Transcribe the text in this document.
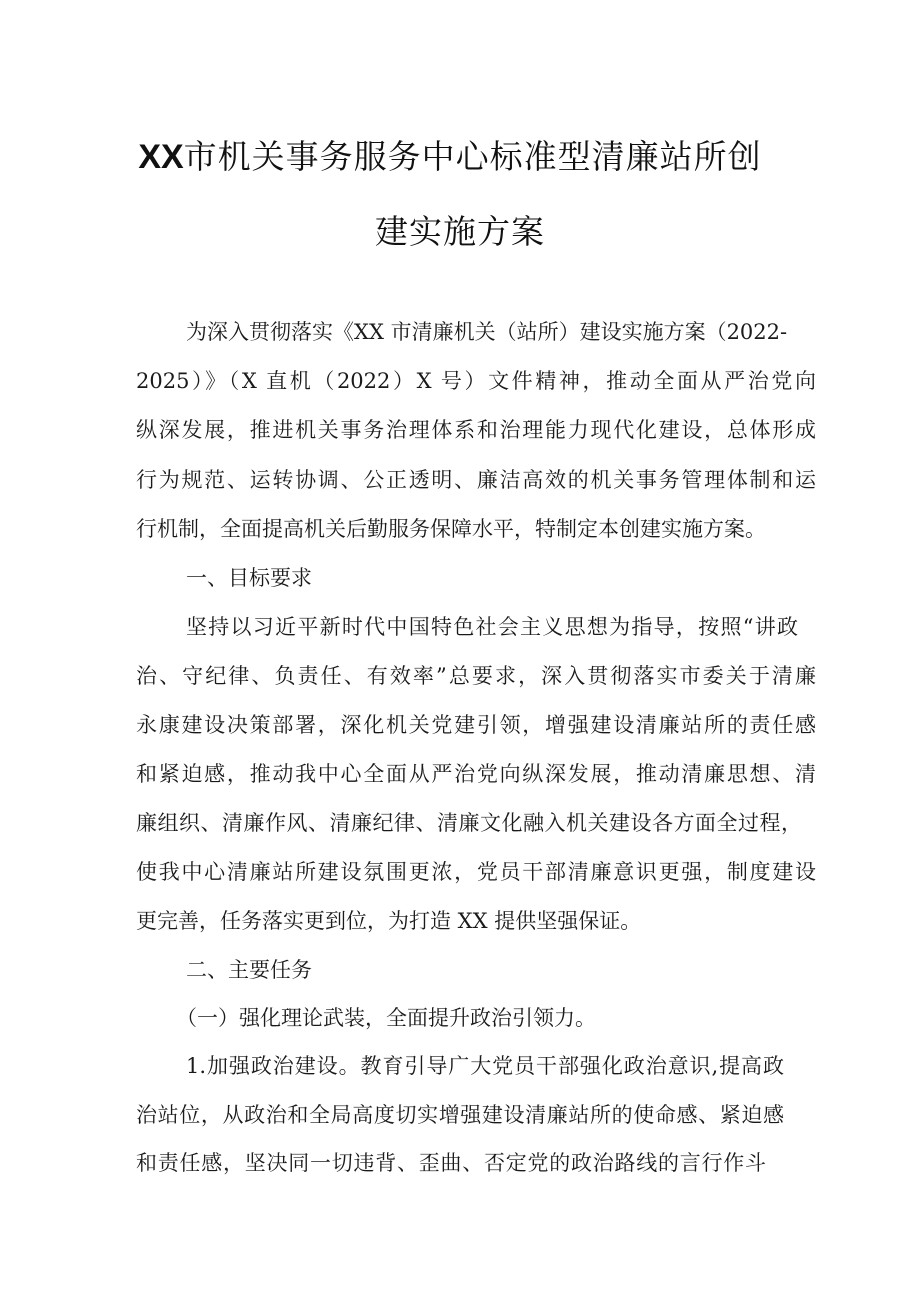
XX市机关事务服务中心标准型清廉站所创
建实施方案
为深入贯彻落实《XX 市清廉机关（站所）建设实施方案（2022-
2025）》（X 直机（2022）X 号）文件精神，推动全面从严治党向
纵深发展，推进机关事务治理体系和治理能力现代化建设，总体形成
行为规范、运转协调、公正透明、廉洁高效的机关事务管理体制和运
行机制，全面提高机关后勤服务保障水平，特制定本创建实施方案。
一、目标要求
坚持以习近平新时代中国特色社会主义思想为指导，按照“讲政
治、守纪律、负责任、有效率”总要求，深入贯彻落实市委关于清廉
永康建设决策部署，深化机关党建引领，增强建设清廉站所的责任感
和紧迫感，推动我中心全面从严治党向纵深发展，推动清廉思想、清
廉组织、清廉作风、清廉纪律、清廉文化融入机关建设各方面全过程，
使我中心清廉站所建设氛围更浓，党员干部清廉意识更强，制度建设
更完善，任务落实更到位，为打造 XX 提供坚强保证。
二、主要任务
（一）强化理论武装，全面提升政治引领力。
1.加强政治建设。教育引导广大党员干部强化政治意识,提高政
治站位，从政治和全局高度切实增强建设清廉站所的使命感、紧迫感
和责任感，坚决同一切违背、歪曲、否定党的政治路线的言行作斗
